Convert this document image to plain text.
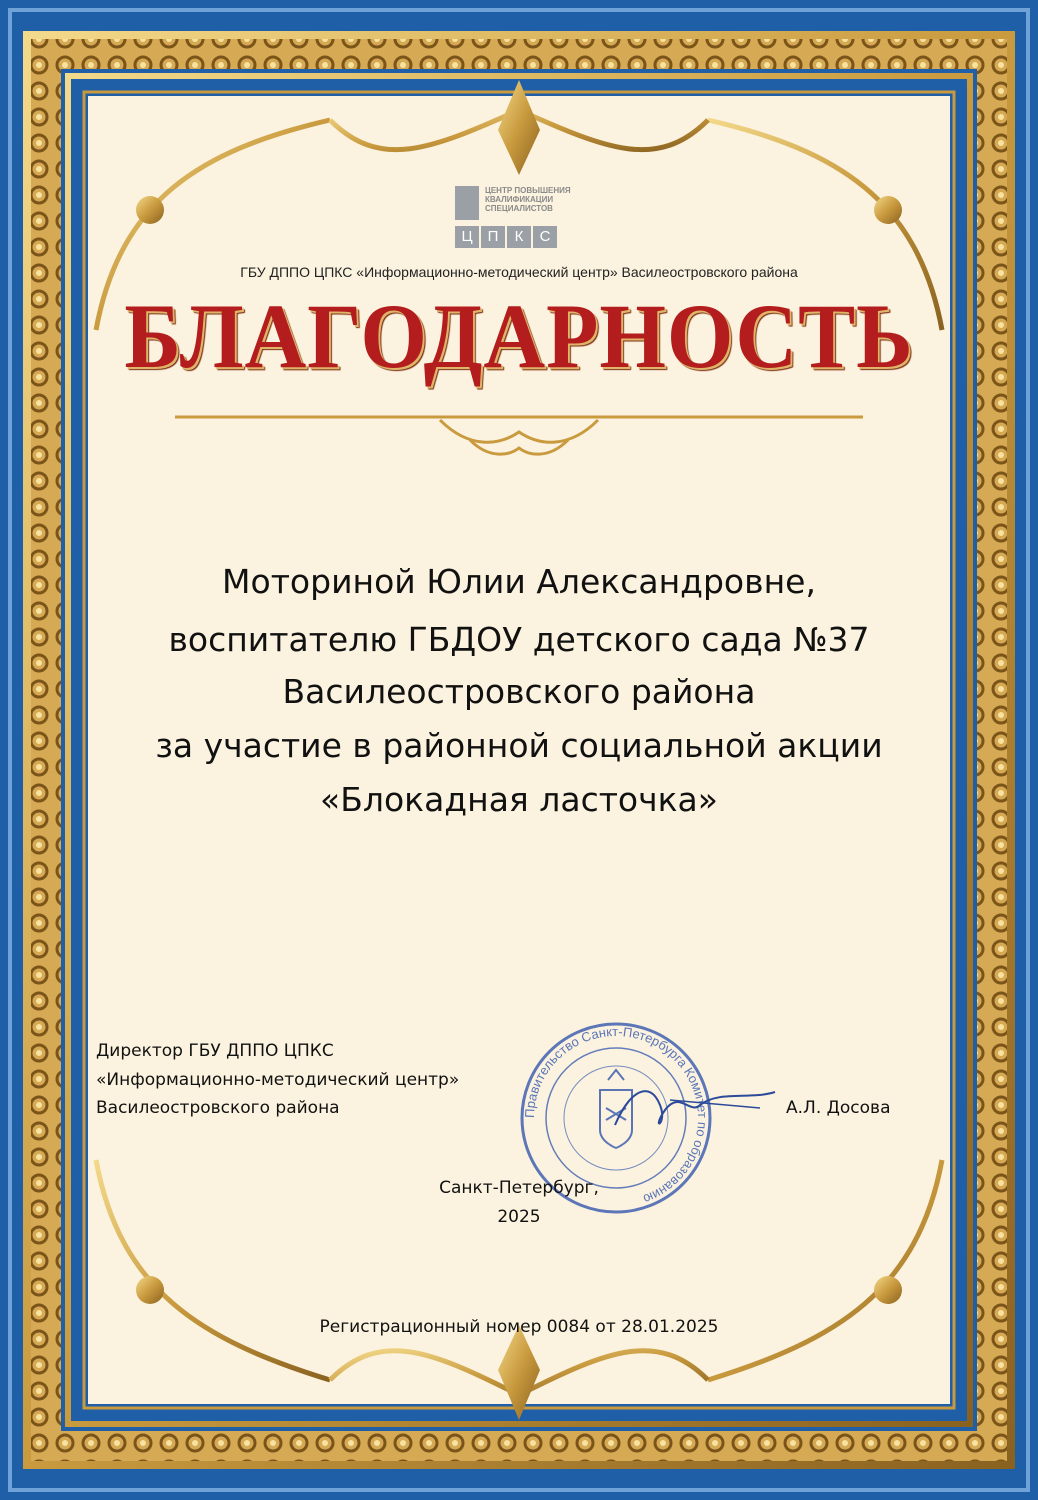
ЦЕНТР ПОВЫШЕНИЯ
КВАЛИФИКАЦИИ
СПЕЦИАЛИСТОВ
Ц	П	К	С
ГБУ ДППО ЦПКС «Информационно-методический центр» Василеостровского района
БЛАГОДАРНОСТЬ
Моториной Юлии Александровне,
воспитателю ГБДОУ детского сада №37
Василеостровского района
за участие в районной социальной акции
«Блокадная ласточка»
Директор ГБУ ДППО ЦПКС
«Информационно-методический центр»
Василеостровского района	А.Л. Досова
Правительство Санкт-Петербурга Комитет по образованию
Санкт-Петербург,
2025
Регистрационный номер 0084 от 28.01.2025
